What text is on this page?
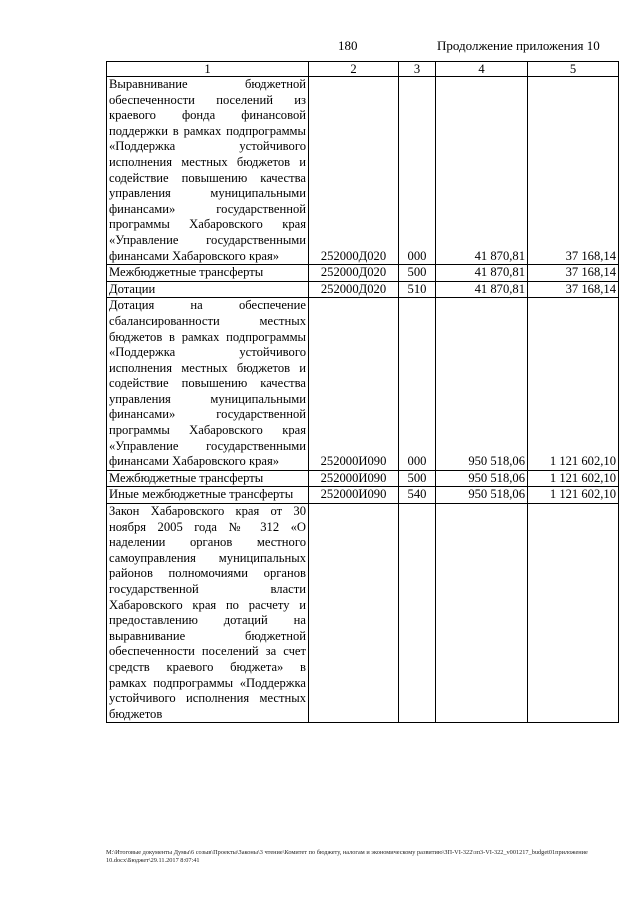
180	Продолжение приложения 10
1	2	3	4	5
Выравнивание бюджетной обеспеченности поселений из краевого фонда финансовой поддержки в рамках подпрограммы «Поддержка устойчивого исполнения местных бюджетов и содействие повышению качества управления муниципальными финансами» государственной программы Хабаровского края «Управление государственными финансами Хабаровского края»	252000Д020	000	41 870,81	37 168,14
Межбюджетные трансферты	252000Д020	500	41 870,81	37 168,14
Дотации	252000Д020	510	41 870,81	37 168,14
Дотация на обеспечение сбалансированности местных бюджетов в рамках подпрограммы «Поддержка устойчивого исполнения местных бюджетов и содействие повышению качества управления муниципальными финансами» государственной программы Хабаровского края «Управление государственными финансами Хабаровского края»	252000И090	000	950 518,06	1 121 602,10
Межбюджетные трансферты	252000И090	500	950 518,06	1 121 602,10
Иные межбюджетные трансферты	252000И090	540	950 518,06	1 121 602,10
Закон Хабаровского края от 30 ноября 2005 года № 312 «О наделении органов местного самоуправления муниципальных районов полномочиями органов государственной власти Хабаровского края по расчету и предоставлению дотаций на выравнивание бюджетной обеспеченности поселений за счет средств краевого бюджета» в рамках подпрограммы «Поддержка устойчивого исполнения местных бюджетов				
M:\Итоговые документы Думы\6 созыв\Проекты\Законы\3 чтение\Комитет по бюджету, налогам и экономическому развитию\ЗП-VI-322\зп3-VI-322_v001217_budget01приложение 10.docx\Бюджет\29.11.2017 8:07:41
